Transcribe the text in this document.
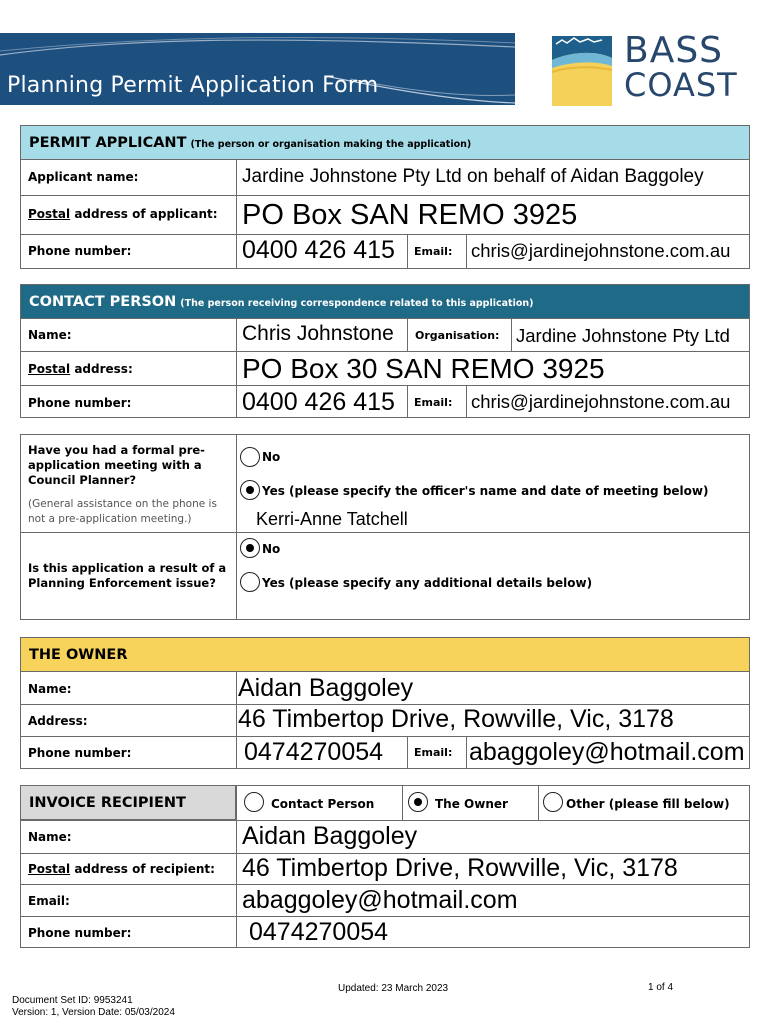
Planning Permit Application Form
BASS
COAST
PERMIT APPLICANT (The person or organisation making the application)
Applicant name:	Jardine Johnstone Pty Ltd on behalf of Aidan Baggoley
Postal address of applicant: PO Box SAN REMO 3925
Phone number:	0400 426 415 Email: chris@jardinejohnstone.com.au
CONTACT PERSON (The person receiving correspondence related to this application)
Name:	Chris Johnstone Organisation: Jardine Johnstone Pty Ltd
Postal address:	PO Box 30 SAN REMO 3925
Phone number:	0400 426 415 Email: chris@jardinejohnstone.com.au
Have you had a formal pre-application meeting with a Council Planner?
(General assistance on the phone is not a pre-application meeting.)
No
Yes (please specify the officer's name and date of meeting below)
Kerri-Anne Tatchell
Is this application a result of a Planning Enforcement issue?
No
Yes (please specify any additional details below)
THE OWNER
Name:	Aidan Baggoley
Address:	46 Timbertop Drive, Rowville, Vic, 3178
Phone number:	0474270054	Email: abaggoley@hotmail.com
INVOICE RECIPIENT	Contact Person	The Owner	Other (please fill below)
Name:	Aidan Baggoley
Postal address of recipient: 46 Timbertop Drive, Rowville, Vic, 3178
Email:	abaggoley@hotmail.com
Phone number:	0474270054
Updated: 23 March 2023	1 of 4
Document Set ID: 9953241
Version: 1, Version Date: 05/03/2024
